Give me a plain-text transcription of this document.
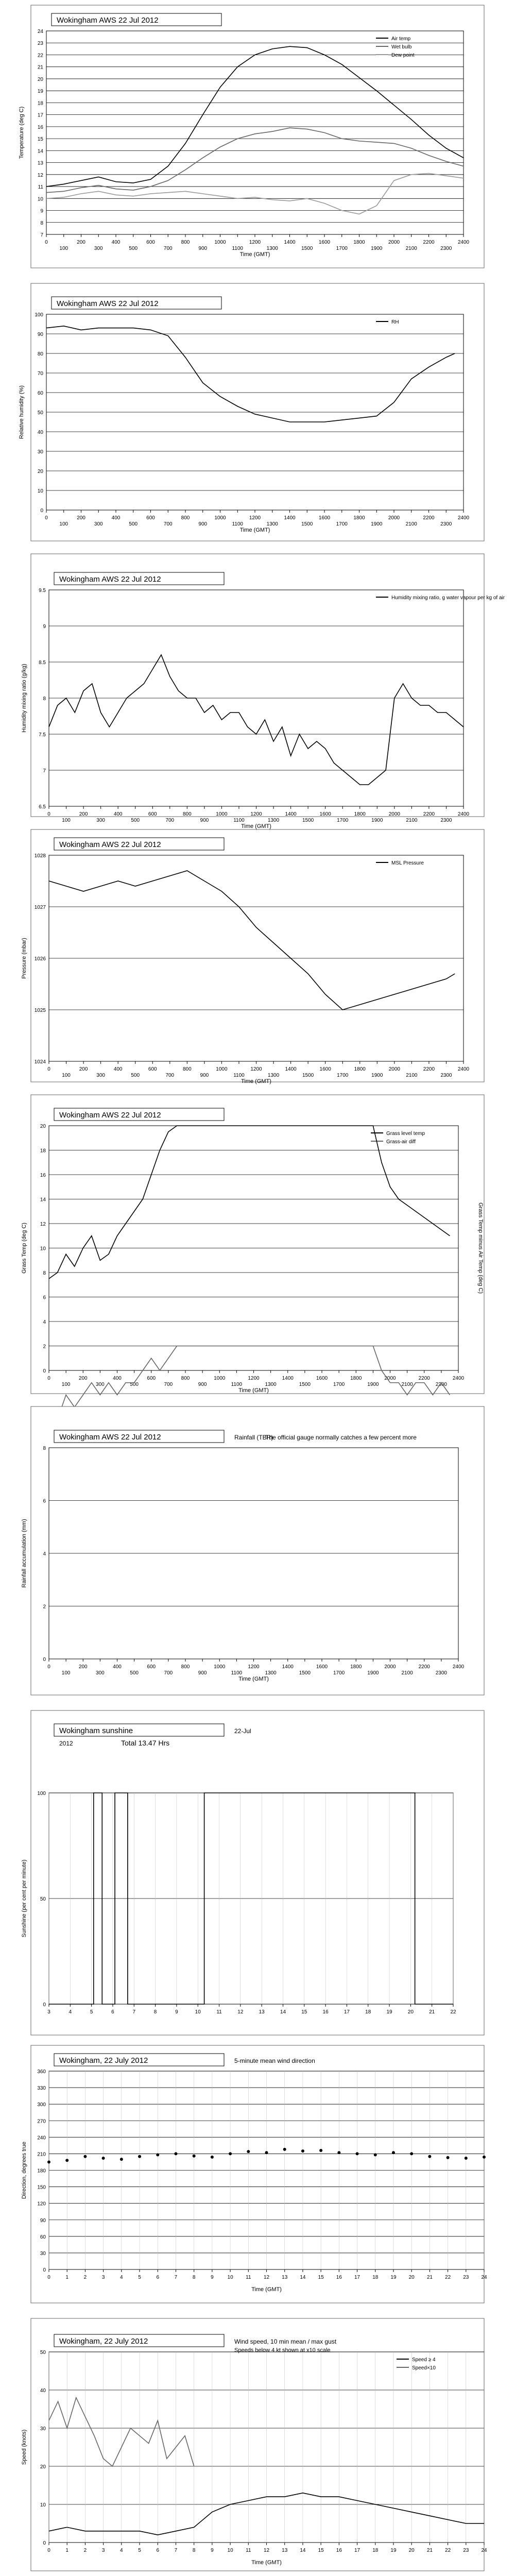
7
8
9
10
11
12
13
14
15
16
17
18
19
20
21
22
23
24
0
100
200
300
400
500
600
700
800
900
1000
1100
1200
1300
1400
1500
1600
1700
1800
1900
2000
2100
2200
2300
2400
Time (GMT)
Temperature (deg C)
Wokingham AWS 22 Jul 2012
Air temp
Wet bulb
Dew point
0
10
20
30
40
50
60
70
80
90
100
0
100
200
300
400
500
600
700
800
900
1000
1100
1200
1300
1400
1500
1600
1700
1800
1900
2000
2100
2200
2300
2400
Time (GMT)
Relative humidity (%)
Wokingham AWS 22 Jul 2012
RH
6.5
7
7.5
8
8.5
9
9.5
0
100
200
300
400
500
600
700
800
900
1000
1100
1200
1300
1400
1500
1600
1700
1800
1900
2000
2100
2200
2300
2400
Time (GMT)
Humidity mixing ratio (g/kg)
Wokingham AWS 22 Jul 2012
Humidity mixing ratio, g water vapour per kg of air
1024
1025
1026
1027
1028
0
100
200
300
400
500
600
700
800
900
1000
1100
1200
1300
1400
1500
1600
1700
1800
1900
2000
2100
2200
2300
2400
Time (GMT)
Pressure (mbar)
Wokingham AWS 22 Jul 2012
MSL Pressure
0
2
4
6
8
10
12
14
16
18
20
0
100
200
300
400
500
600
700
800
900
1000
1100
1200
1300
1400
1500
1600
1700
1800
1900
2000
2100
2200
2300
2400
Time (GMT)
Grass Temp (deg C)	Grass Temp minus Air Temp (deg C)
Wokingham AWS 22 Jul 2012
Grass level temp
Grass-air diff
0
2
4
6
8
0
100
200
300
400
500
600
700
800
900
1000
1100
1200
1300
1400
1500
1600
1700
1800
1900
2000
2100
2200
2300
2400
Time (GMT)
Rainfall accumulation (mm)
Wokingham AWS 22 Jul 2012	Rainfall (TBR)
The official gauge normally catches a few percent more
0
50
100
3	4	5	6	7	8	9	10	11	12	13	14	15	16	17	18	19	20	21	22
Sunshine (per cent per minute)
Wokingham sunshine	22-Jul
2012	Total 13.47 Hrs
0
30
60
90
120
150
180
210
240
270
300
330
360
0	1	2	3	4	5	6	7	8	9	10 11 12 13 14 15 16 17 18 19 20 21 22 23 24
Time (GMT)
Direction, degrees true
Wokingham, 22 July 2012	5-minute mean wind direction
0
10
20
30
40
50
0	1	2	3	4	5	6	7	8	9	10 11 12 13 14 15 16 17 18 19 20 21 22 23 24
Time (GMT)
Speed (knots)
Wokingham, 22 July 2012	Wind speed, 10 min mean / max gust
Speeds below 4 kt shown at x10 scale
Speed ≥ 4
Speed×10
